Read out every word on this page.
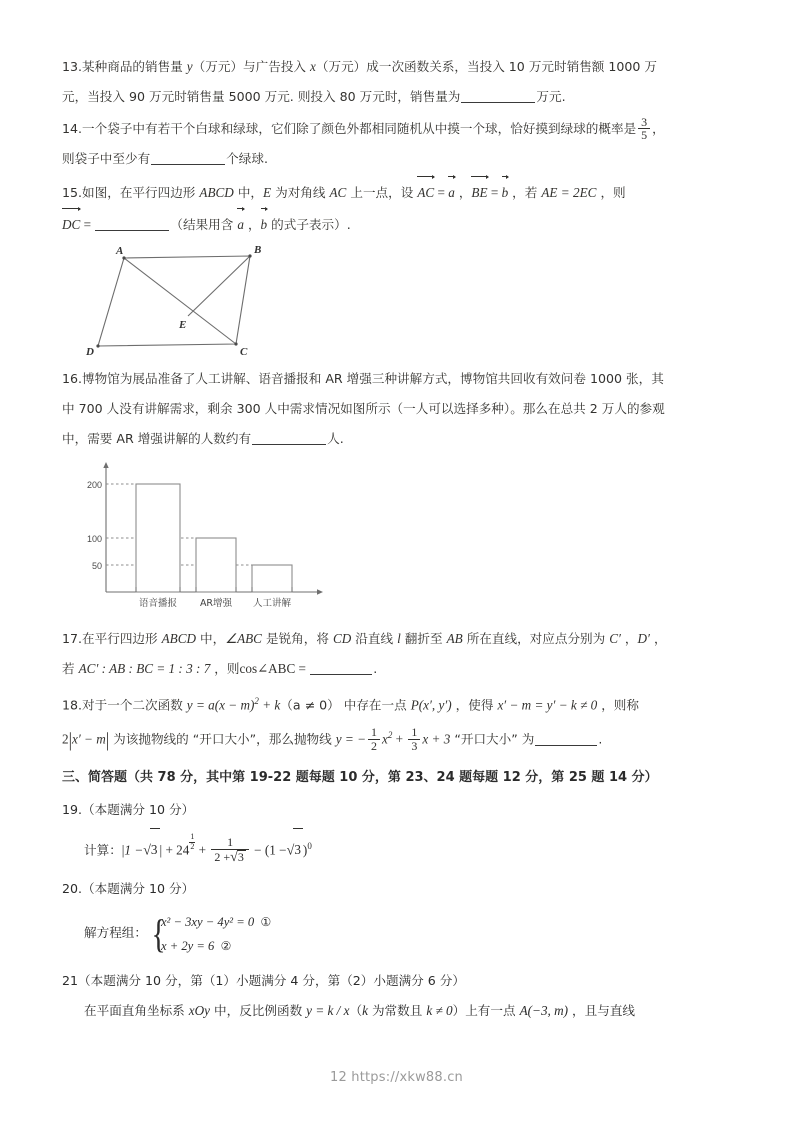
13.某种商品的销售量 y（万元）与广告投入 x（万元）成一次函数关系，当投入 10 万元时销售额 1000 万
元，当投入 90 万元时销售量 5000 万元. 则投入 80 万元时，销售量为	万元.
14.一个袋子中有若干个白球和绿球，它们除了颜色外都相同随机从中摸一个球，恰好摸到绿球的概率是 $\frac{3}{5}$ ，
则袋子中至少有	个绿球.
15.如图，在平行四边形 ABCD 中，E 为对角线 AC 上一点，设
AC =
a ，
BE =
b ，若 AE = 2EC ，则

DC =	（结果用含
a ，
b 的式子表示）.
A	B
C
D
E
16.博物馆为展品准备了人工讲解、语音播报和 AR 增强三种讲解方式，博物馆共回收有效问卷 1000 张，其
中 700 人没有讲解需求，剩余 300 人中需求情况如图所示（一人可以选择多种）。那么在总共 2 万人的参观
中，需要 AR 增强讲解的人数约有	人.
200
100
50
语音播报 AR增强 人工讲解
17.在平行四边形 ABCD 中，∠ABC 是锐角，将 CD 沿直线 l 翻折至 AB 所在直线，对应点分别为 C′ ，D′ ，
若 AC′ : AB : BC = 1 : 3 : 7 ，则cos∠ABC =	.
18.对于一个二次函数 $y = a(x - m)^2 + k(a \ne 0)$ 中存在一点 P(x′, y′) ，使得 x′ − m = y′ − k ≠ 0 ，则称
2|x′ − m| 为该抛物线的 “开口大小”，那么抛物线 y = − $\frac{1}{2} x^2 + \frac{1}{3}$ x + 3 “开口大小” 为	.
三、简答题（共 78 分，其中第 19-22 题每题 10 分，第 23、24 题每题 12 分，第 25 题 14 分）
19.（本题满分 10 分）
计算：|1 −√3 | + $24 \frac{1}{2} + \frac{1}{2 +√3} - (1 -√3$ )$^0$
20.（本题满分 10 分）
解方程组： {
x² − 3xy − 4y² = 0 ①
x + 2y = 6 ②
21（本题满分 10 分，第（1）小题满分 4 分，第（2）小题满分 6 分）
在平面直角坐标系 xOy 中，反比例函数 y = k / x（k 为常数且 k ≠ 0）上有一点 A(−3, m) ，且与直线
12 https://xkw88.cn
